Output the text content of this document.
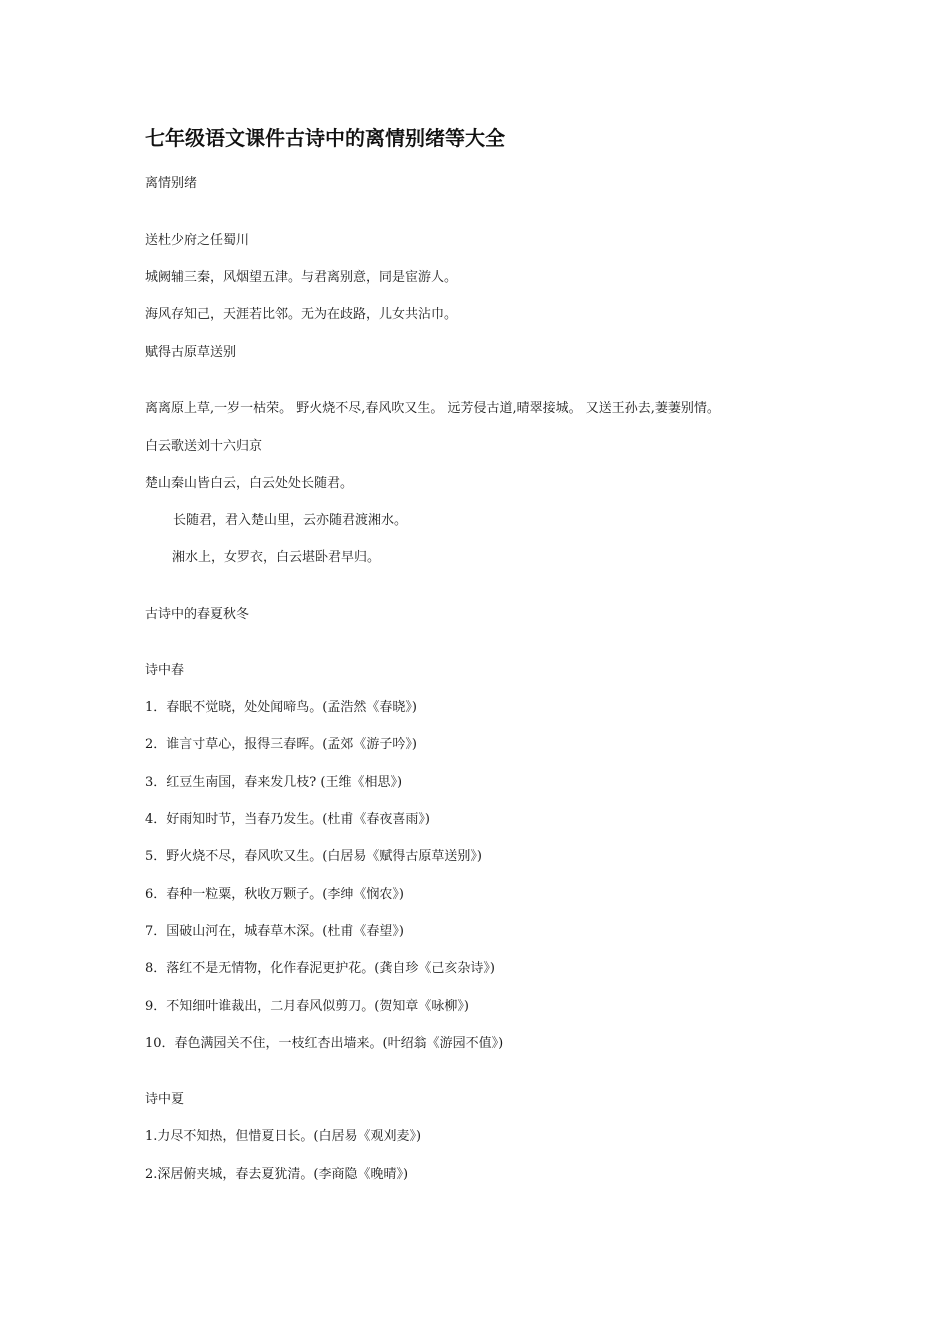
七年级语文课件古诗中的离情别绪等大全
离情别绪
送杜少府之任蜀川
城阙辅三秦，风烟望五津。与君离别意，同是宦游人。
海风存知己，天涯若比邻。无为在歧路，儿女共沾巾。
赋得古原草送别
离离原上草,一岁一枯荣。 野火烧不尽,春风吹又生。 远芳侵古道,晴翠接城。 又送王孙去,萋萋别情。
白云歌送刘十六归京
楚山秦山皆白云，白云处处长随君。
长随君，君入楚山里，云亦随君渡湘水。
湘水上，女罗衣，白云堪卧君早归。
古诗中的春夏秋冬
诗中春
1．春眠不觉晓，处处闻啼鸟。(孟浩然《春晓》)
2．谁言寸草心，报得三春晖。(孟郊《游子吟》)
3．红豆生南国，春来发几枝? (王维《相思》)
4．好雨知时节，当春乃发生。(杜甫《春夜喜雨》)
5．野火烧不尽，春风吹又生。(白居易《赋得古原草送别》)
6．春种一粒粟，秋收万颗子。(李绅《悯农》)
7．国破山河在，城春草木深。(杜甫《春望》)
8．落红不是无情物，化作春泥更护花。(龚自珍《己亥杂诗》)
9．不知细叶谁裁出，二月春风似剪刀。(贺知章《咏柳》)
10．春色满园关不住，一枝红杏出墙来。(叶绍翁《游园不值》)
诗中夏
1.力尽不知热，但惜夏日长。(白居易《观刈麦》)
2.深居俯夹城，春去夏犹清。(李商隐《晚晴》)
